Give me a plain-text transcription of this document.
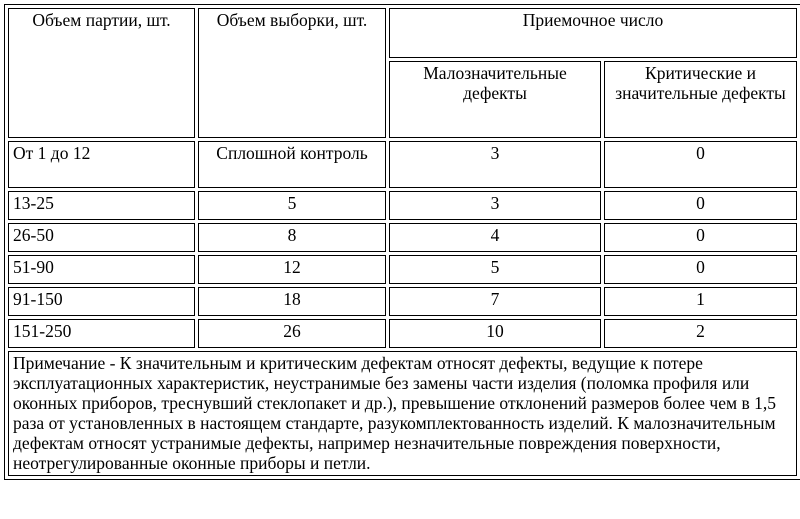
Объем партии, шт.	Объем выборки, шт.	Приемочное число	
		Малозначительные дефекты	Критические и значительные дефекты
От 1 до 12	Сплошной контроль	3	0
13-25	5	3	0
26-50	8	4	0
51-90	12	5	0
91-150	18	7	1
151-250	26	10	2
Примечание - К значительным и критическим дефектам относят дефекты, ведущие к потере эксплуатационных характеристик, неустранимые без замены части изделия (поломка профиля или оконных приборов, треснувший стеклопакет и др.), превышение отклонений размеров более чем в 1,5 раза от установленных в настоящем стандарте, разукомплектованность изделий. К малозначительным дефектам относят устранимые дефекты, например незначительные повреждения поверхности, неотрегулированные оконные приборы и петли.			
